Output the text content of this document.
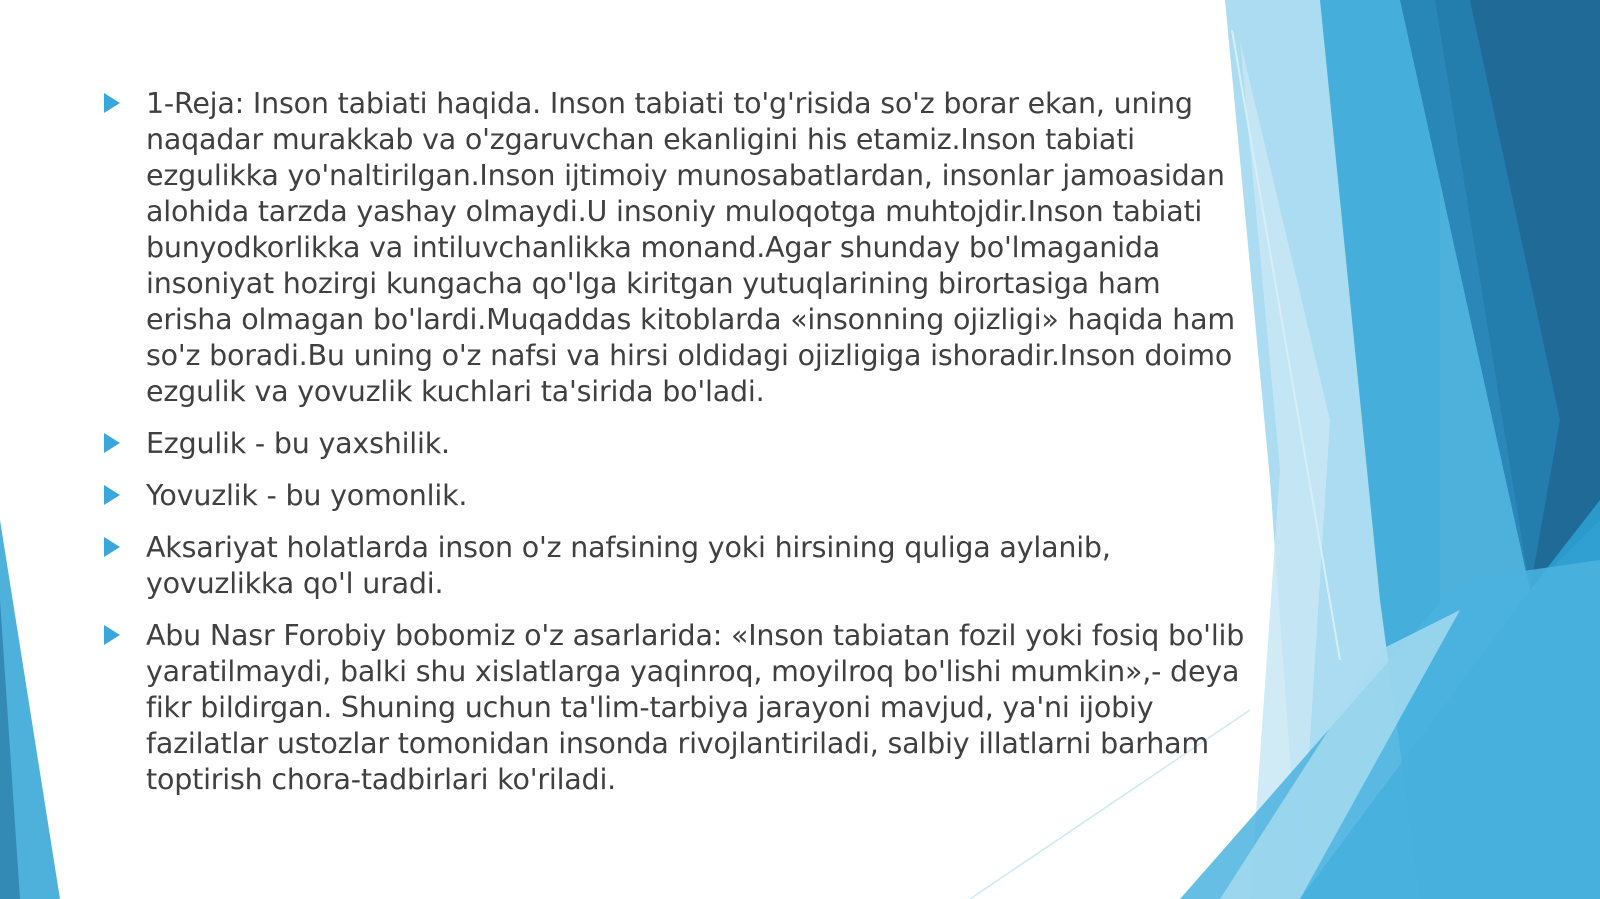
1-Reja: Inson tabiati haqida. Inson tabiati to'g'risida so'z borar ekan, uning naqadar murakkab va o'zgaruvchan ekanligini his etamiz.Inson tabiati ezgulikka yo'naltirilgan.Inson ijtimoiy munosabatlardan, insonlar jamoasidan alohida tarzda yashay olmaydi.U insoniy muloqotga muhtojdir.Inson tabiati bunyodkorlikka va intiluvchanlikka monand.Agar shunday bo'lmaganida insoniyat hozirgi kungacha qo'lga kiritgan yutuqlarining birortasiga ham erisha olmagan bo'lardi.Muqaddas kitoblarda «insonning ojizligi» haqida ham so'z boradi.Bu uning o'z nafsi va hirsi oldidagi ojizligiga ishoradir.Inson doimo ezgulik va yovuzlik kuchlari ta'sirida bo'ladi.
Ezgulik - bu yaxshilik.
Yovuzlik - bu yomonlik.
Aksariyat holatlarda inson o'z nafsining yoki hirsining quliga aylanib, yovuzlikka qo'l uradi.
Abu Nasr Forobiy bobomiz o'z asarlarida: «Inson tabiatan fozil yoki fosiq bo'lib yaratilmaydi, balki shu xislatlarga yaqinroq, moyilroq bo'lishi mumkin»,- deya fikr bildirgan. Shuning uchun ta'lim-tarbiya jarayoni mavjud, ya'ni ijobiy fazilatlar ustozlar tomonidan insonda rivojlantiriladi, salbiy illatlarni barham toptirish chora-tadbirlari ko'riladi.
